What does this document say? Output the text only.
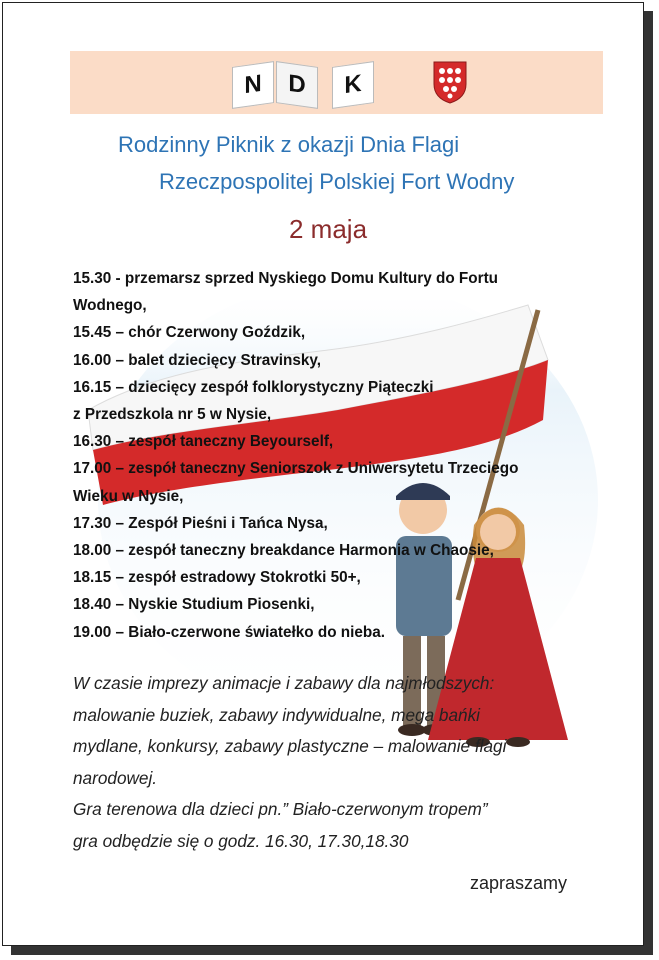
N	D	K
Rodzinny Piknik z okazji Dnia Flagi
Rzeczpospolitej Polskiej Fort Wodny
2 maja
15.30 - przemarsz sprzed Nyskiego Domu Kultury do Fortu
Wodnego,
15.45 – chór Czerwony Goździk,
16.00 – balet dziecięcy Stravinsky,
16.15 – dziecięcy zespół folklorystyczny Piąteczki
z Przedszkola nr 5 w Nysie,
16.30 – zespół taneczny Beyourself,
17.00 – zespół taneczny Seniorszok z Uniwersytetu Trzeciego
Wieku w Nysie,
17.30 – Zespół Pieśni i Tańca Nysa,
18.00 – zespół taneczny breakdance Harmonia w Chaosie,
18.15 – zespół estradowy Stokrotki 50+,
18.40 – Nyskie Studium Piosenki,
19.00 – Biało-czerwone światełko do nieba.
W czasie imprezy animacje i zabawy dla najmłodszych:
malowanie buziek, zabawy indywidualne, mega bańki
mydlane, konkursy, zabawy plastyczne – malowanie flagi
narodowej.
Gra terenowa dla dzieci pn.” Biało-czerwonym tropem”
gra odbędzie się o godz. 16.30, 17.30,18.30
zapraszamy
